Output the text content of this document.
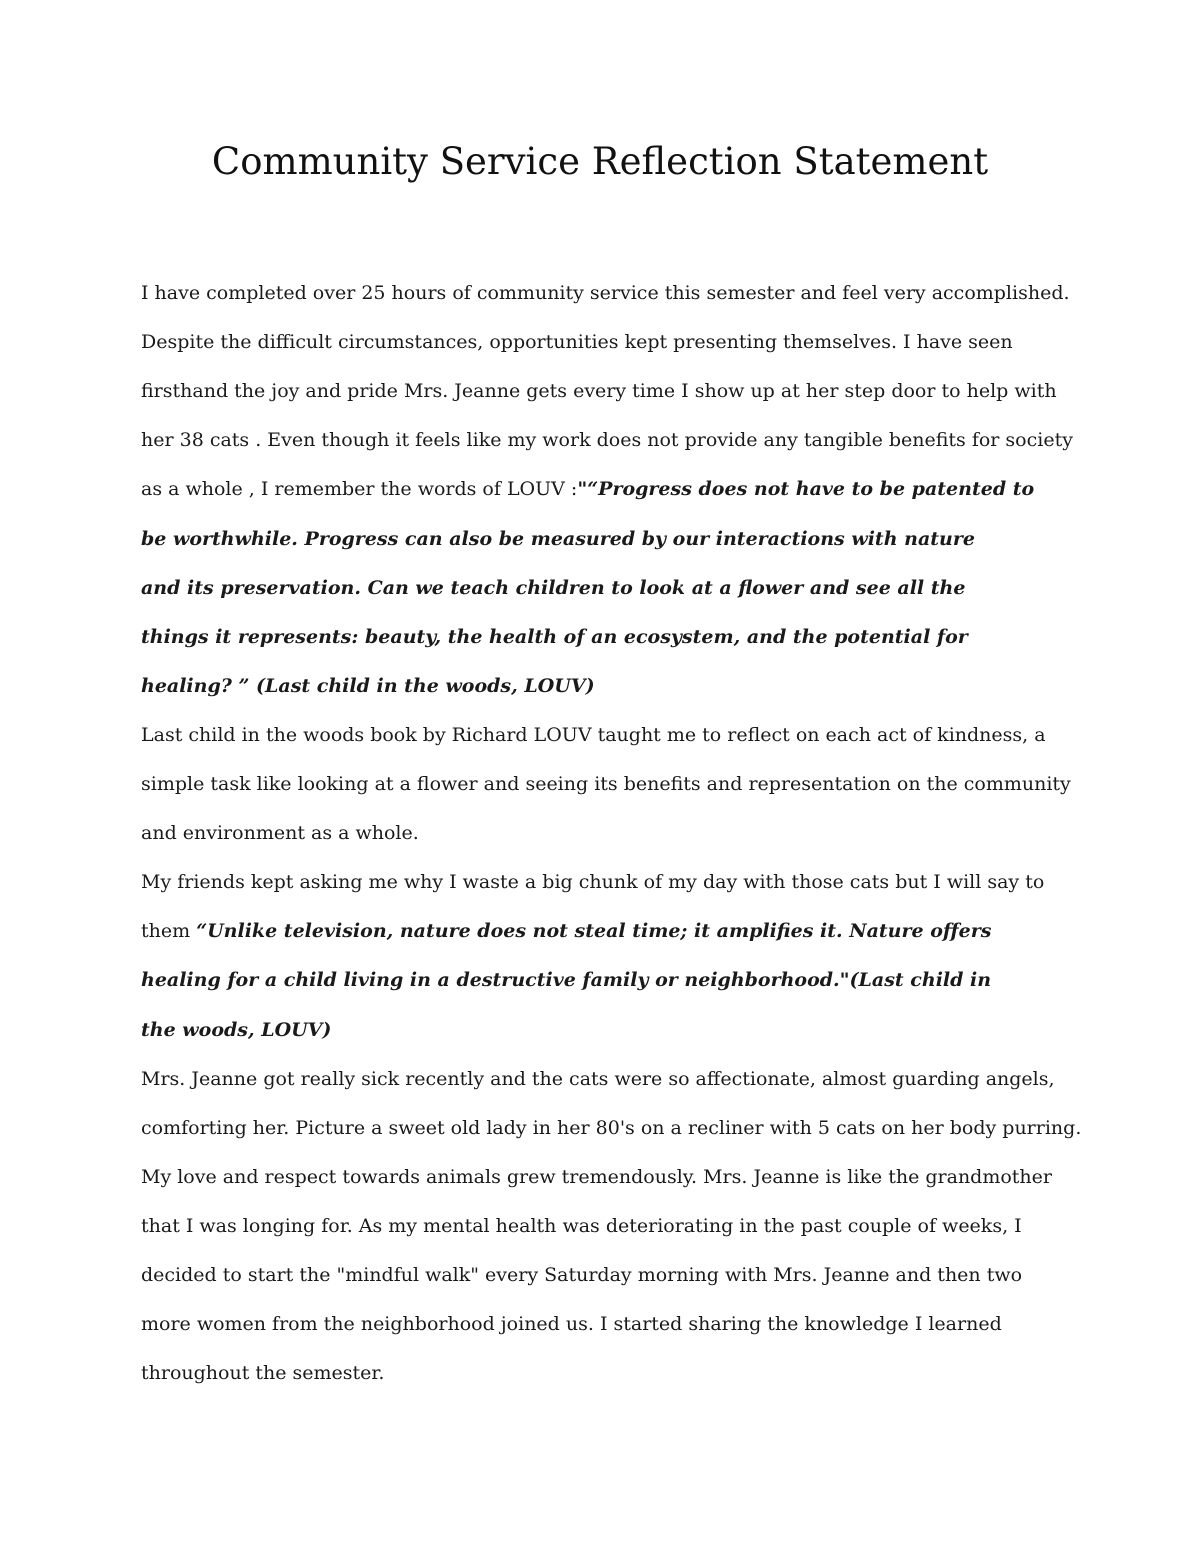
Community Service Reflection Statement
I have completed over 25 hours of community service this semester and feel very accomplished.
Despite the difficult circumstances, opportunities kept presenting themselves. I have seen
firsthand the joy and pride Mrs. Jeanne gets every time I show up at her step door to help with
her 38 cats . Even though it feels like my work does not provide any tangible benefits for society
as a whole , I remember the words of LOUV :"“Progress does not have to be patented to
be worthwhile. Progress can also be measured by our interactions with nature
and its preservation. Can we teach children to look at a flower and see all the
things it represents: beauty, the health of an ecosystem, and the potential for
healing? ” (Last child in the woods, LOUV)
Last child in the woods book by Richard LOUV taught me to reflect on each act of kindness, a
simple task like looking at a flower and seeing its benefits and representation on the community
and environment as a whole.
My friends kept asking me why I waste a big chunk of my day with those cats but I will say to
them “Unlike television, nature does not steal time; it amplifies it. Nature offers
healing for a child living in a destructive family or neighborhood."(Last child in
the woods, LOUV)
Mrs. Jeanne got really sick recently and the cats were so affectionate, almost guarding angels,
comforting her. Picture a sweet old lady in her 80's on a recliner with 5 cats on her body purring.
My love and respect towards animals grew tremendously. Mrs. Jeanne is like the grandmother
that I was longing for. As my mental health was deteriorating in the past couple of weeks, I
decided to start the "mindful walk" every Saturday morning with Mrs. Jeanne and then two
more women from the neighborhood joined us. I started sharing the knowledge I learned
throughout the semester.
